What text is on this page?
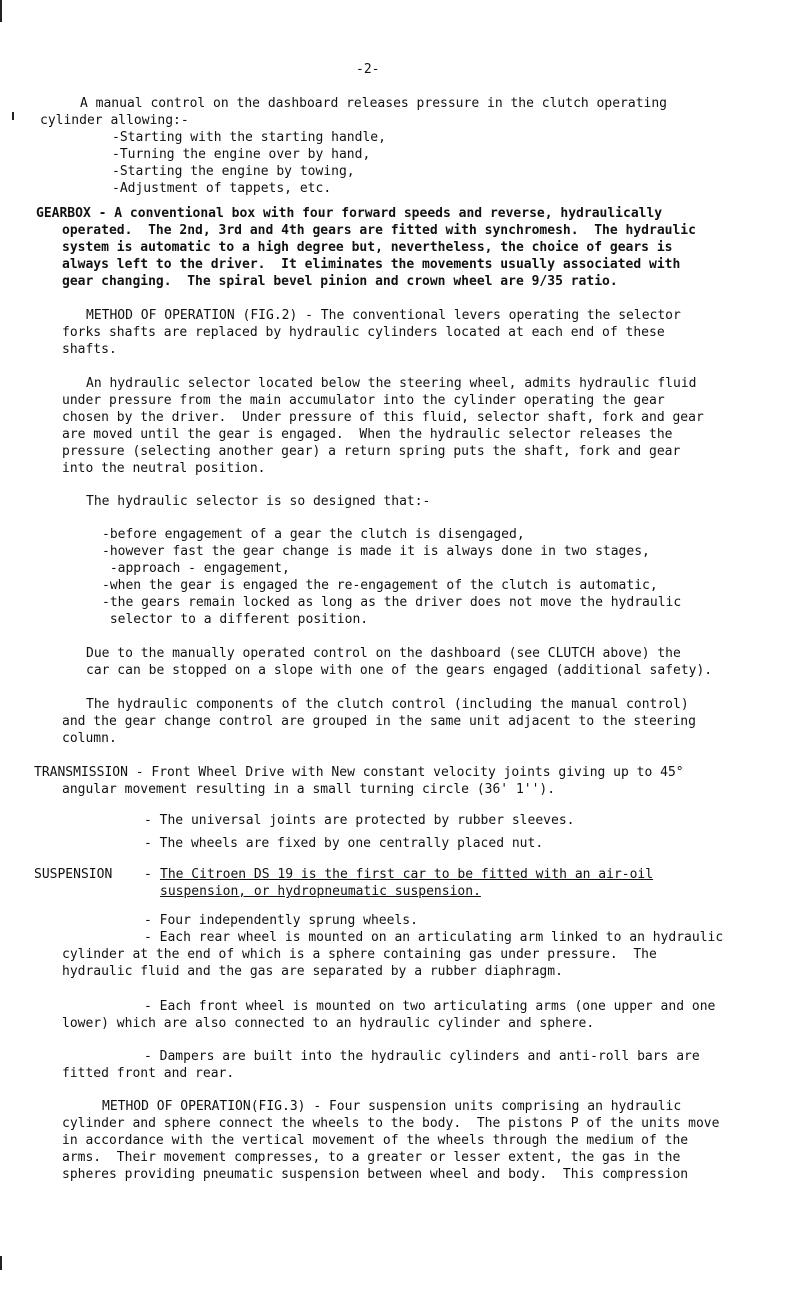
-2-
A manual control on the dashboard releases pressure in the clutch operating
cylinder allowing:-
-Starting with the starting handle,
-Turning the engine over by hand,
-Starting the engine by towing,
-Adjustment of tappets, etc.
GEARBOX - A conventional box with four forward speeds and reverse, hydraulically
operated.  The 2nd, 3rd and 4th gears are fitted with synchromesh.  The hydraulic
system is automatic to a high degree but, nevertheless, the choice of gears is
always left to the driver.  It eliminates the movements usually associated with
gear changing.  The spiral bevel pinion and crown wheel are 9/35 ratio.
METHOD OF OPERATION (FIG.2) - The conventional levers operating the selector
forks shafts are replaced by hydraulic cylinders located at each end of these
shafts.
An hydraulic selector located below the steering wheel, admits hydraulic fluid
under pressure from the main accumulator into the cylinder operating the gear
chosen by the driver.  Under pressure of this fluid, selector shaft, fork and gear
are moved until the gear is engaged.  When the hydraulic selector releases the
pressure (selecting another gear) a return spring puts the shaft, fork and gear
into the neutral position.
The hydraulic selector is so designed that:-
-before engagement of a gear the clutch is disengaged,
-however fast the gear change is made it is always done in two stages,
-approach - engagement,
-when the gear is engaged the re-engagement of the clutch is automatic,
-the gears remain locked as long as the driver does not move the hydraulic
selector to a different position.
Due to the manually operated control on the dashboard (see CLUTCH above) the
car can be stopped on a slope with one of the gears engaged (additional safety).
The hydraulic components of the clutch control (including the manual control)
and the gear change control are grouped in the same unit adjacent to the steering
column.
TRANSMISSION - Front Wheel Drive with New constant velocity joints giving up to 45°
angular movement resulting in a small turning circle (36' 1'').
- The universal joints are protected by rubber sleeves.
- The wheels are fixed by one centrally placed nut.
SUSPENSION - The Citroen DS 19 is the first car to be fitted with an air-oil
suspension, or hydropneumatic suspension.
- Four independently sprung wheels.
- Each rear wheel is mounted on an articulating arm linked to an hydraulic
cylinder at the end of which is a sphere containing gas under pressure.  The
hydraulic fluid and the gas are separated by a rubber diaphragm.
- Each front wheel is mounted on two articulating arms (one upper and one
lower) which are also connected to an hydraulic cylinder and sphere.
- Dampers are built into the hydraulic cylinders and anti-roll bars are
fitted front and rear.
METHOD OF OPERATION(FIG.3) - Four suspension units comprising an hydraulic
cylinder and sphere connect the wheels to the body.  The pistons P of the units move
in accordance with the vertical movement of the wheels through the medium of the
arms.  Their movement compresses, to a greater or lesser extent, the gas in the
spheres providing pneumatic suspension between wheel and body.  This compression
